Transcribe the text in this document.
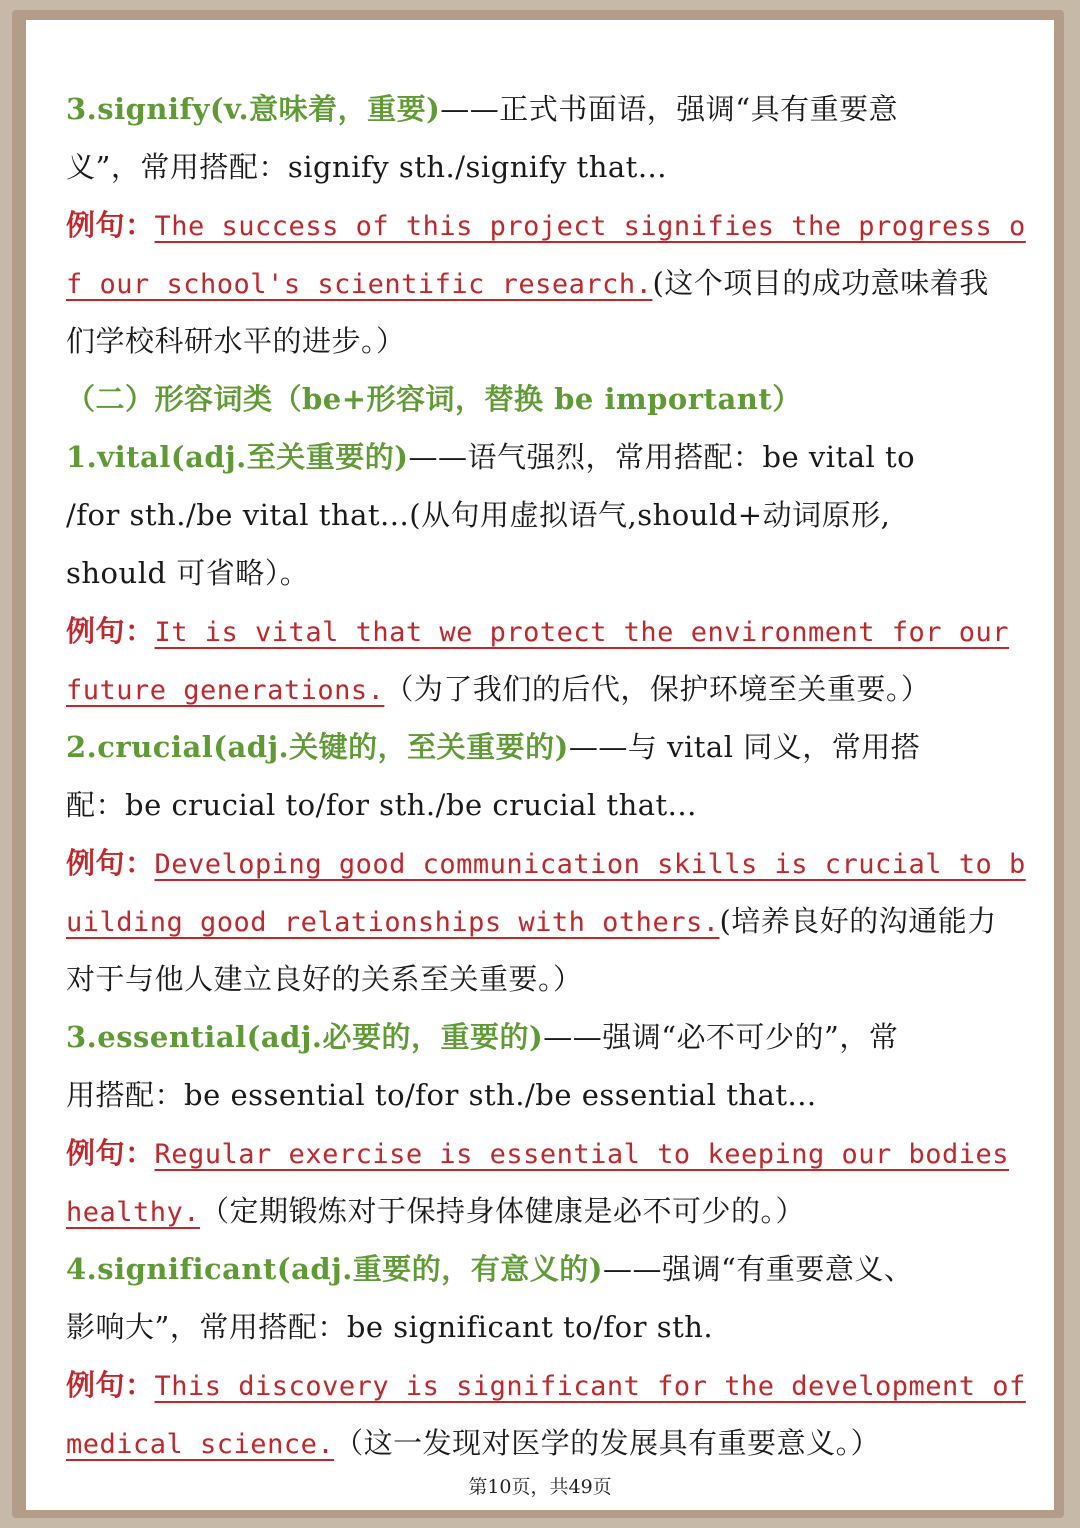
3.signify(v.意味着，重要)——正式书面语，强调“具有重要意
义”，常用搭配：signify sth./signify that...
例句：The success of this project signifies the progress o
f our school's scientific research.(这个项目的成功意味着我
们学校科研水平的进步。）
（二）形容词类（be+形容词，替换 be important）
1.vital(adj.至关重要的)——语气强烈，常用搭配：be vital to
/for sth./be vital that...(从句用虚拟语气,should+动词原形,
should 可省略）。
例句：It is vital that we protect the environment for our
future generations.（为了我们的后代，保护环境至关重要。）
2.crucial(adj.关键的，至关重要的)——与 vital 同义，常用搭
配：be crucial to/for sth./be crucial that...
例句：Developing good communication skills is crucial to b
uilding good relationships with others.(培养良好的沟通能力
对于与他人建立良好的关系至关重要。）
3.essential(adj.必要的，重要的)——强调“必不可少的”，常
用搭配：be essential to/for sth./be essential that...
例句：Regular exercise is essential to keeping our bodies
healthy.（定期锻炼对于保持身体健康是必不可少的。）
4.significant(adj.重要的，有意义的)——强调“有重要意义、
影响大”，常用搭配：be significant to/for sth.
例句：This discovery is significant for the development of
medical science.（这一发现对医学的发展具有重要意义。）
第10页，共49页
